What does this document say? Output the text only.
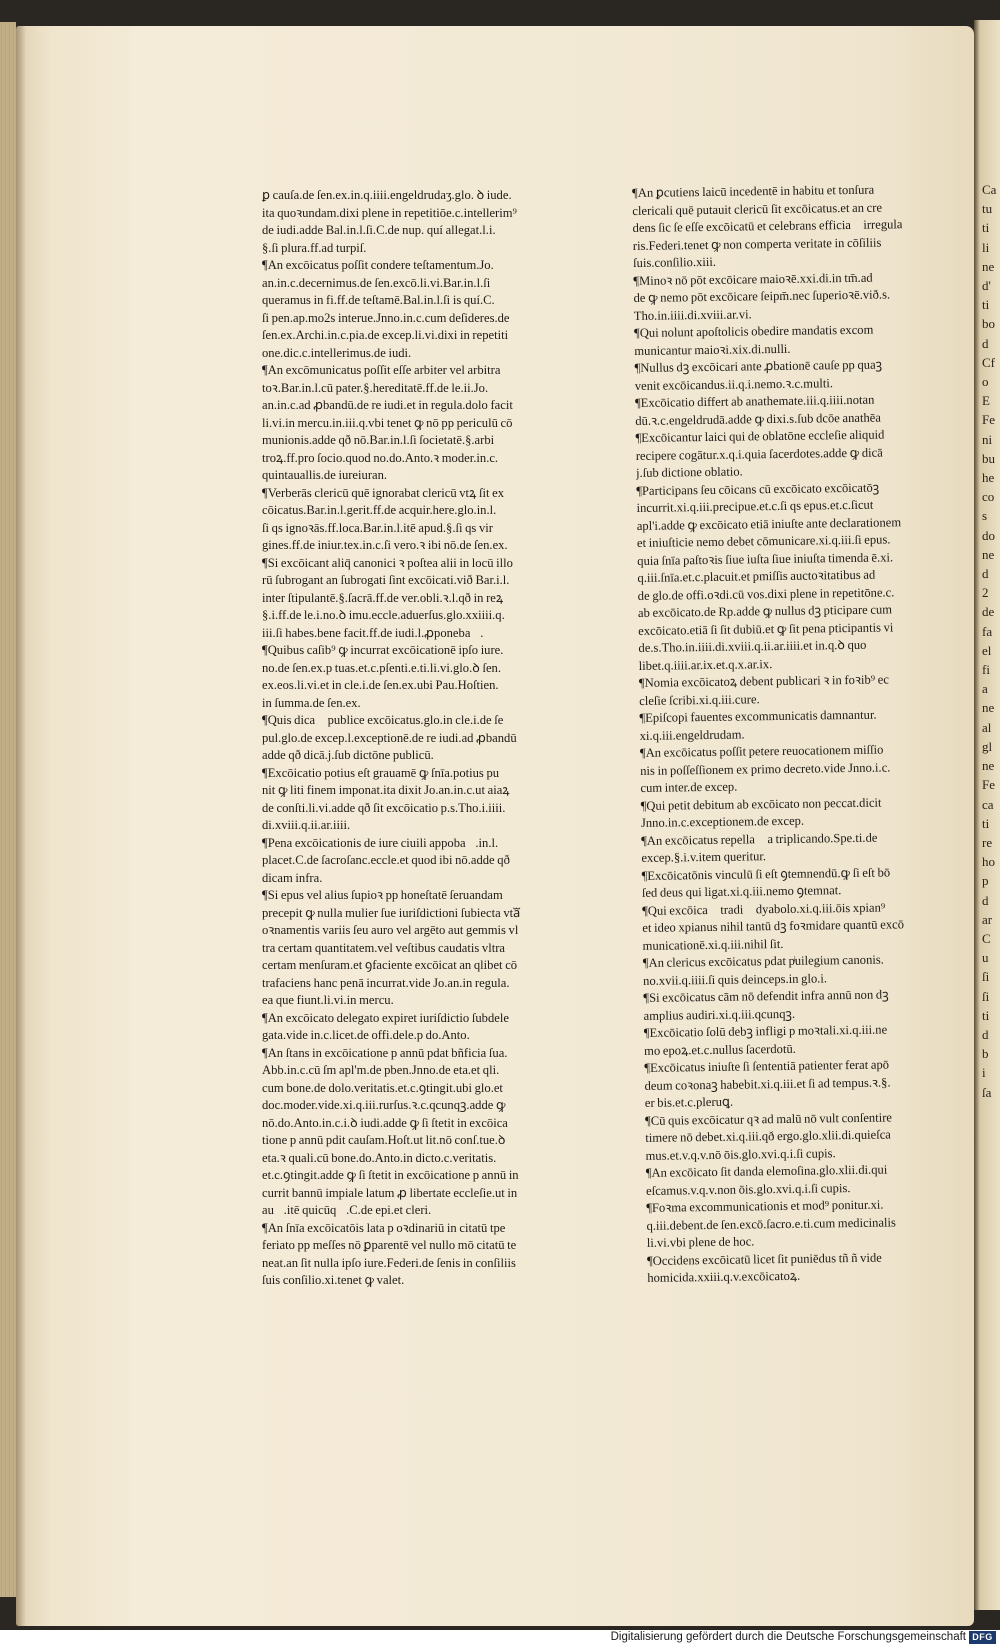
ꝑ cauſa.de ſen.ex.in.q.iiii.engeldrudaʒ.glo. ꝺ iude.
ita quoꝛundam.dixi plene in repetitiōe.c.intellerim⁹
de iudi.adde Bal.in.l.ſi.C.de nup. quí allegat.l.i.
§.ſi plura.ff.ad turpiſ.
¶An excōicatus poſſit condere teſtamentum.Jo.
an.in.c.decernimus.de ſen.excō.li.vi.Bar.in.l.ſi
queramus in fi.ff.de teſtamē.Bal.in.l.ſi is quí.C.
ſi pen.ap.mo2s interue.Jnno.in.c.cum deſideres.de
ſen.ex.Archi.in.c.pia.de excep.li.vi.dixi in repetiti
one.dic.c.intellerimus.de iudi.
¶An excōmunicatus poſſit eſſe arbiter vel arbitra
toꝛ.Bar.in.l.cū pater.§.hereditatē.ff.de le.ii.Jo.
an.in.c.ad ꝓbandū.de re iudi.et in regula.dolo facit
li.vi.in mercu.in.iii.q.vbi tenet ꝙ nō pp periculū cō
munionis.adde qð nō.Bar.in.l.ſi ſocietatē.§.arbi
troꝝ.ff.pro ſocio.quod no.do.Anto.ꝛ moder.in.c.
quintauallis.de iureiuran.
¶Verberās clericū quē ignorabat clericū vtꝝ ſit ex
cōicatus.Bar.in.l.gerit.ff.de acquir.here.glo.in.l.
ſi qs ignoꝛās.ff.loca.Bar.in.l.itē apud.§.ſi qs vir
gines.ff.de iniur.tex.in.c.ſi vero.ꝛ ibi nō.de ſen.ex.
¶Si excōicant aliq̄ canonici ꝛ poſtea alii in locū illo
rū ſubrogant an ſubrogati ſint excōicati.við Bar.i.l.
inter ſtipulantē.§.ſacrā.ff.de ver.obli.ꝛ.l.qð in reꝝ
§.i.ff.de le.i.no.ꝺ imu.eccle.aduerſus.glo.xxiiii.q.
iii.ſi habes.bene facit.ff.de iudi.l.ꝓponebaᷓ.
¶Quibus caſib⁹ ꝙ incurrat excōicationē ipſo iure.
no.de ſen.ex.p tuas.et.c.pſenti.e.ti.li.vi.glo.ꝺ ſen.
ex.eos.li.vi.et in cle.i.de ſen.ex.ubi Pau.Hoſtien.
in ſumma.de ſen.ex.
¶Quis dicaᷓ publice excōicatus.glo.in cle.i.de ſe
pul.glo.de excep.l.exceptionē.de re iudi.ad ꝓbandū
adde qð dicā.j.ſub dictōne publicū.
¶Excōicatio potius eſt grauamē ꝙ ſnīa.potius pu
nit ꝙ liti finem imponat.ita dixit Jo.an.in.c.ut aiaꝝ
de conſti.li.vi.adde qð ſit excōicatio p.s.Tho.i.iiii.
di.xviii.q.ii.ar.iiii.
¶Pena excōicationis de iure ciuili appobaᷓ.in.l.
placet.C.de ſacroſanc.eccle.et quod ibi nō.adde qð
dicam infra.
¶Si epus vel alius ſupioꝛ pp honeſtatē ſeruandam
precepit ꝙ nulla mulier ſue iuriſdictioni ſubiecta vtaᷓ
oꝛnamentis variis ſeu auro vel argēto aut gemmis vl
tra certam quantitatem.vel veſtibus caudatis vltra
certam menſuram.et ꝯfaciente excōicat an qlibet cō
trafaciens hanc penā incurrat.vide Jo.an.in regula.
ea que fiunt.li.vi.in mercu.
¶An excōicato delegato expiret iuriſdictio ſubdele
gata.vide in.c.licet.de offi.dele.p do.Anto.
¶An ſtans in excōicatione p annū pdat bñficia ſua.
Abb.in.c.cū ſm apl'm.de pben.Jnno.de eta.et qli.
cum bone.de dolo.veritatis.et.c.ꝯtingit.ubi glo.et
doc.moder.vide.xi.q.iii.rurſus.ꝛ.c.qcunqꝫ.adde ꝙ
nō.do.Anto.in.c.i.ꝺ iudi.adde ꝙ ſi ſtetit in excōica
tione p annū pdit cauſam.Hoſt.ut lit.nō conſ.tue.ꝺ
eta.ꝛ quali.cū bone.do.Anto.in dicto.c.veritatis.
et.c.ꝯtingit.adde ꝙ ſi ſtetit in excōicatione p annū in
currit bannū impiale latum ꝓ libertate eccleſie.ut in
auᷓ.itē quicūqꝫ.C.de epi.et cleri.
¶An ſnīa excōicatōis lata p oꝛdinariū in citatū tpe
feriato pp meſſes nō ꝑparentē vel nullo mō citatū te
neat.an ſit nulla ipſo iure.Federi.de ſenis in conſiliis
ſuis conſilio.xi.tenet ꝙ valet.
¶An ꝑcutiens laicū incedentē in habitu et tonſura
clericali quē putauit clericū ſit excōicatus.et an cre
dens ſic ſe eſſe excōicatū et celebrans efficiaᷓ irregula
ris.Federi.tenet ꝙ non comperta veritate in cōſiliis
ſuis.conſilio.xiii.
¶Minoꝛ nō pōt excōicare maioꝛē.xxi.di.in tm̄.ad
de ꝙ nemo pōt excōicare ſeipm̄.nec ſuperioꝛē.við.s.
Tho.in.iiii.di.xviii.ar.vi.
¶Qui nolunt apoſtolicis obedire mandatis excom
municantur maioꝛi.xix.di.nulli.
¶Nullus dꝫ excōicari ante ꝓbationē cauſe pp quaꝫ
venit excōicandus.ii.q.i.nemo.ꝛ.c.multi.
¶Excōicatio differt ab anathemate.iii.q.iiii.notan
dū.ꝛ.c.engeldrudā.adde ꝙ dixi.s.ſub dcōe anathēa
¶Excōicantur laici qui de oblatōne eccleſie aliquid
recipere cogātur.x.q.i.quia ſacerdotes.adde ꝙ dicā
j.ſub dictione oblatio.
¶Participans ſeu cōicans cū excōicato excōicatōꝫ
incurrit.xi.q.iii.precipue.et.c.ſi qs epus.et.c.ſicut
apl'i.adde ꝙ excōicato etiā iniuſte ante declarationem
et iniuſticie nemo debet cōmunicare.xi.q.iii.ſi epus.
quia ſnīa paſtoꝛis ſiue iuſta ſiue iniuſta timenda ē.xi.
q.iii.ſnīa.et.c.placuit.et pmiſſis auctoꝛitatibus ad
de glo.de offi.oꝛdi.cū vos.dixi plene in repetitōne.c.
ab excōicato.de Rp.adde ꝙ nullus dꝫ pticipare cum
excōicato.etiā ſi ſit dubiū.et ꝙ ſit pena pticipantis vi
de.s.Tho.in.iiii.di.xviii.q.ii.ar.iiii.et in.q.ꝺ quo
libet.q.iiii.ar.ix.et.q.x.ar.ix.
¶Nomia excōicatoꝝ debent publicari ꝛ in foꝛib⁹ ec
cleſie ſcribi.xi.q.iii.cure.
¶Epiſcopi fauentes excommunicatis damnantur.
xi.q.iii.engeldrudam.
¶An excōicatus poſſit petere reuocationem miſſio
nis in poſſeſſionem ex primo decreto.vide Jnno.i.c.
cum inter.de excep.
¶Qui petit debitum ab excōicato non peccat.dicit
Jnno.in.c.exceptionem.de excep.
¶An excōicatus repellaᷓ a triplicando.Spe.ti.de
excep.§.i.v.item queritur.
¶Excōicatōnis vinculū ſi eſt ꝯtemnendū.ꝙ ſi eſt bō
ſed deus qui ligat.xi.q.iii.nemo ꝯtemnat.
¶Qui excōicaᷓ tradiᷓ dyabolo.xi.q.iii.ōis xpian⁹
et ideo xpianus nihil tantū dꝫ foꝛmidare quantū excō
municationē.xi.q.iii.nihil ſit.
¶An clericus excōicatus pdat pͥuilegium canonis.
no.xvii.q.iiii.ſi quis deinceps.in glo.i.
¶Si excōicatus cām nō defendit infra annū non dꝫ
amplius audiri.xi.q.iii.qcunqꝫ.
¶Excōicatio ſolū debꝫ infligi p moꝛtali.xi.q.iii.ne
mo epoꝝ.et.c.nullus ſacerdotū.
¶Excōicatus iniuſte ſi ſententiā patienter ferat apō
deum coꝛonaꝫ habebit.xi.q.iii.et ſi ad tempus.ꝛ.§.
er bis.et.c.pleruꝗ.
¶Cū quis excōicatur qꝛ ad malū nō vult conſentire
timere nō debet.xi.q.iii.qð ergo.glo.xlii.di.quieſca
mus.et.v.q.v.nō ōis.glo.xvi.q.i.ſi cupis.
¶An excōicato ſit danda elemoſina.glo.xlii.di.qui
eſcamus.v.q.v.non ōis.glo.xvi.q.i.ſi cupis.
¶Foꝛma excommunicationis et mod⁹ ponitur.xi.
q.iii.debent.de ſen.excō.ſacro.e.ti.cum medicinalis
li.vi.vbi plene de hoc.
¶Occidens excōicatū licet ſit puniēdus tñ ñ videᷓ
homicida.xxiii.q.v.excōicatoꝝ.
Ca
tu
ti
li
ne
d'
ti
bo
d
Cf
o
E
Fe
ni
bu
he
co
s
do
ne
d
2
de
fa
el
fi
a
ne
al
gl
ne
Fe
ca
ti
re
ho
p
d
ar
C
u
ſi
ſi
ti
d
b
i
ſa
Digitalisierung gefördert durch die Deutsche Forschungsgemeinschaft DFG
